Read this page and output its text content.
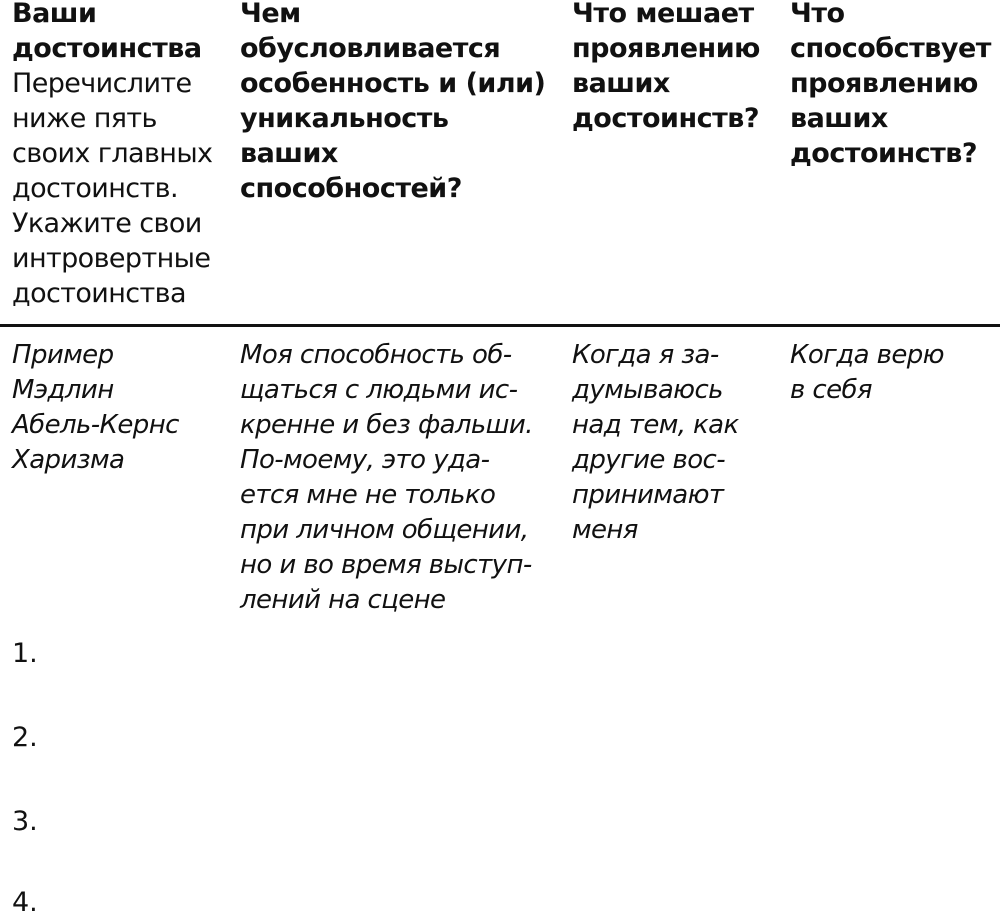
Ваши
достоинства
Перечислите
ниже пять
своих главных
достоинств.
Укажите свои
интровертные
достоинства
Чем
обусловливается
особенность и (или)
уникальность
ваших
способностей?
Что мешает
проявлению
ваших
достоинств?
Что
способствует
проявлению
ваших
достоинств?
Пример
Мэдлин
Абель-Кернс
Харизма
Моя способность об-
щаться с людьми ис-
кренне и без фальши.
По-моему, это уда-
ется мне не только
при личном общении,
но и во время выступ-
лений на сцене
Когда я за-
думываюсь
над тем, как
другие вос-
принимают
меня
Когда верю
в себя
1.
2.
3.
4.
